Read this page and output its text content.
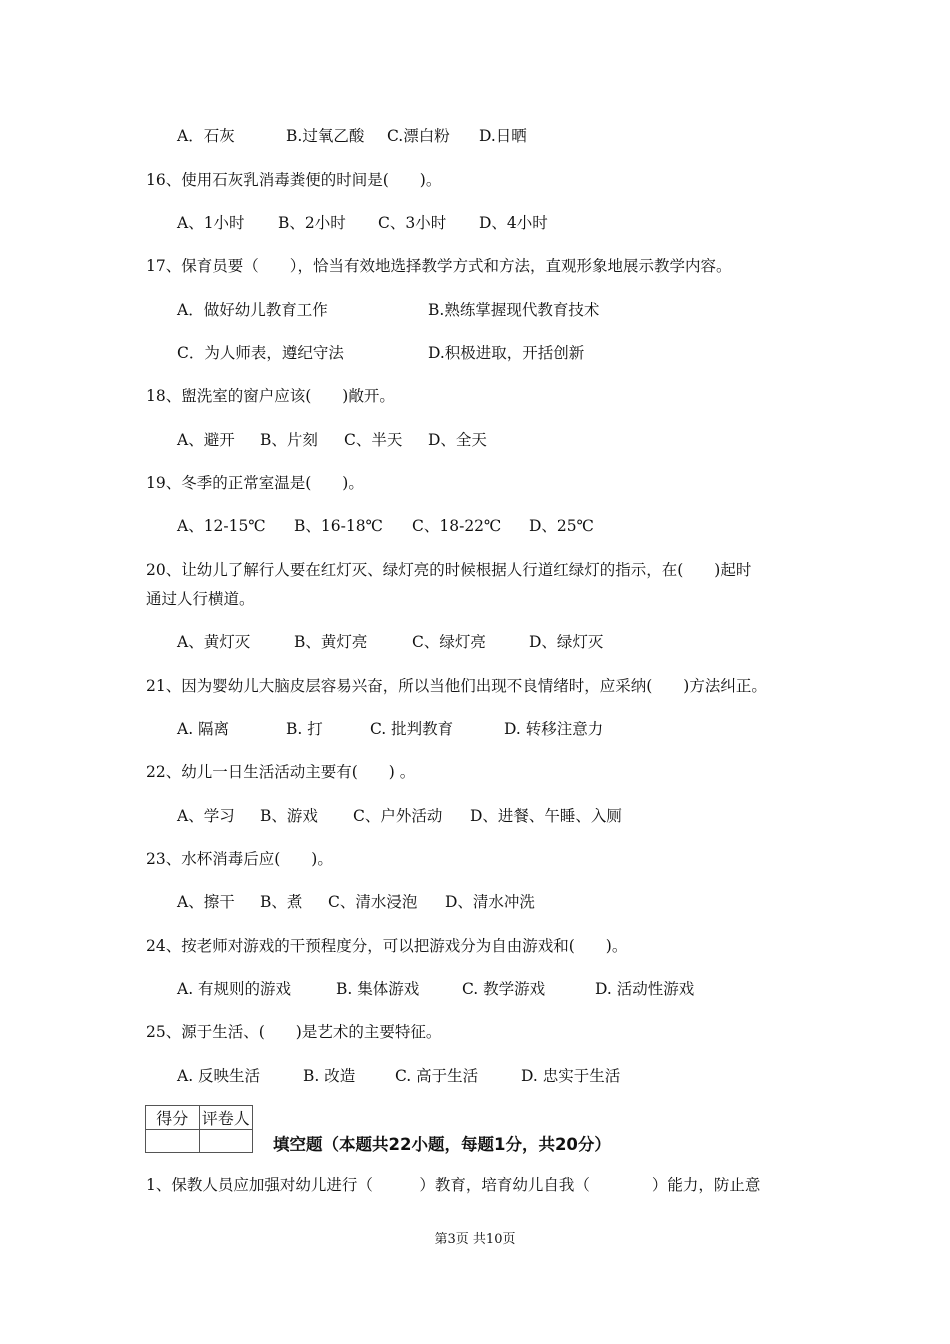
A．石灰

	B.过氧乙酸

C.漂白粉

D.日晒

16、使用石灰乳消毒粪便的时间是(　　)。

A、1小时

B、2小时

C、3小时

D、4小时

17、保育员要（　　），恰当有效地选择教学方式和方法，直观形象地展示教学内容。

A．做好幼儿教育工作

	B.熟练掌握现代教育技术

C．为人师表，遵纪守法

	D.积极进取，开括创新

18、盥洗室的窗户应该(　　)敞开。

A、避开

B、片刻

C、半天

D、全天

19、冬季的正常室温是(　　)。

A、12-15℃

B、16-18℃

C、18-22℃

D、25℃

20、让幼儿了解行人要在红灯灭、绿灯亮的时候根据人行道红绿灯的指示，在(　　)起时
通过人行横道。

A、黄灯灭

	B、黄灯亮

	C、绿灯亮

	D、绿灯灭

21、因为婴幼儿大脑皮层容易兴奋，所以当他们出现不良情绪时，应采纳(　　)方法纠正。

A. 隔离

	B. 打

	C. 批判教育

	D. 转移注意力

22、幼儿一日生活活动主要有(　　) 。

A、学习

B、游戏

C、户外活动

D、进餐、午睡、入厕

23、水杯消毒后应(　　)。

A、擦干

B、煮

C、清水浸泡

D、清水冲洗

24、按老师对游戏的干预程度分，可以把游戏分为自由游戏和(　　)。

A. 有规则的游戏

	B. 集体游戏

	C. 教学游戏

	D. 活动性游戏

25、源于生活、(　　)是艺术的主要特征。

A. 反映生活

	B. 改造

	C. 高于生活

	D. 忠实于生活

得分	评卷人

填空题（本题共22小题，每题1分，共20分）
1、保教人员应加强对幼儿进行（　　　）教育，培育幼儿自我（　　　　）能力，防止意
第3页 共10页
